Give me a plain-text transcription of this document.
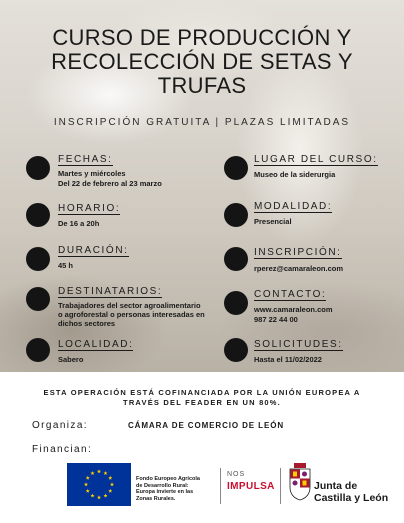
CURSO DE PRODUCCIÓN Y
RECOLECCIÓN DE SETAS Y
TRUFAS
INSCRIPCIÓN GRATUITA | PLAZAS LIMITADAS
FECHAS:
Martes y miércoles
Del 22 de febrero al 23 marzo
HORARIO:
De 16 a 20h
DURACIÓN:
45 h
DESTINATARIOS:
Trabajadores del sector agroalimentario
o agroforestal o personas interesadas en
dichos sectores
LOCALIDAD:
Sabero
LUGAR DEL CURSO:
Museo de la siderurgia
MODALIDAD:
Presencial
INSCRIPCIÓN:
rperez@camaraleon.com
CONTACTO:
www.camaraleon.com
987 22 44 00
SOLICITUDES:
Hasta el 11/02/2022
ESTA OPERACIÓN ESTÁ COFINANCIADA POR LA UNIÓN EUROPEA A
TRAVÉS DEL FEADER EN UN 80%.
Organiza:	CÁMARA DE COMERCIO DE LEÓN
Financian:
Fondo Europeo Agrícola
de Desarrollo Rural:
Europa invierte en las
Zonas Rurales.
NOS
IMPULSA	Junta de
Castilla y León
